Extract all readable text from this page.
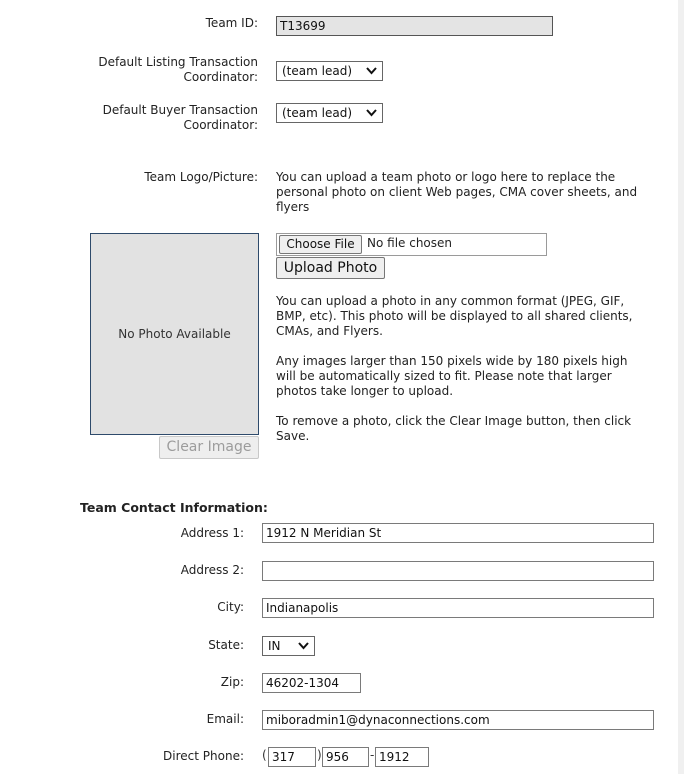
Team ID:
T13699
Default Listing Transaction
Coordinator:	(team lead)
Default Buyer Transaction
Coordinator:
(team lead)
Team Logo/Picture: You can upload a team photo or logo here to replace the
personal photo on client Web pages, CMA cover sheets, and
flyers
No Photo Available
Clear Image
Choose File	No file chosen
Upload Photo
You can upload a photo in any common format (JPEG, GIF,
BMP, etc). This photo will be displayed to all shared clients,
CMAs, and Flyers.
Any images larger than 150 pixels wide by 180 pixels high
will be automatically sized to fit. Please note that larger
photos take longer to upload.
To remove a photo, click the Clear Image button, then click
Save.
Team Contact Information:
Address 1:
1912 N Meridian St
Address 2:
City:
Indianapolis
State:	IN
Zip:
46202-1304
Email:
miboradmin1@dynaconnections.com
Direct Phone: (
317	)
956	-
1912
